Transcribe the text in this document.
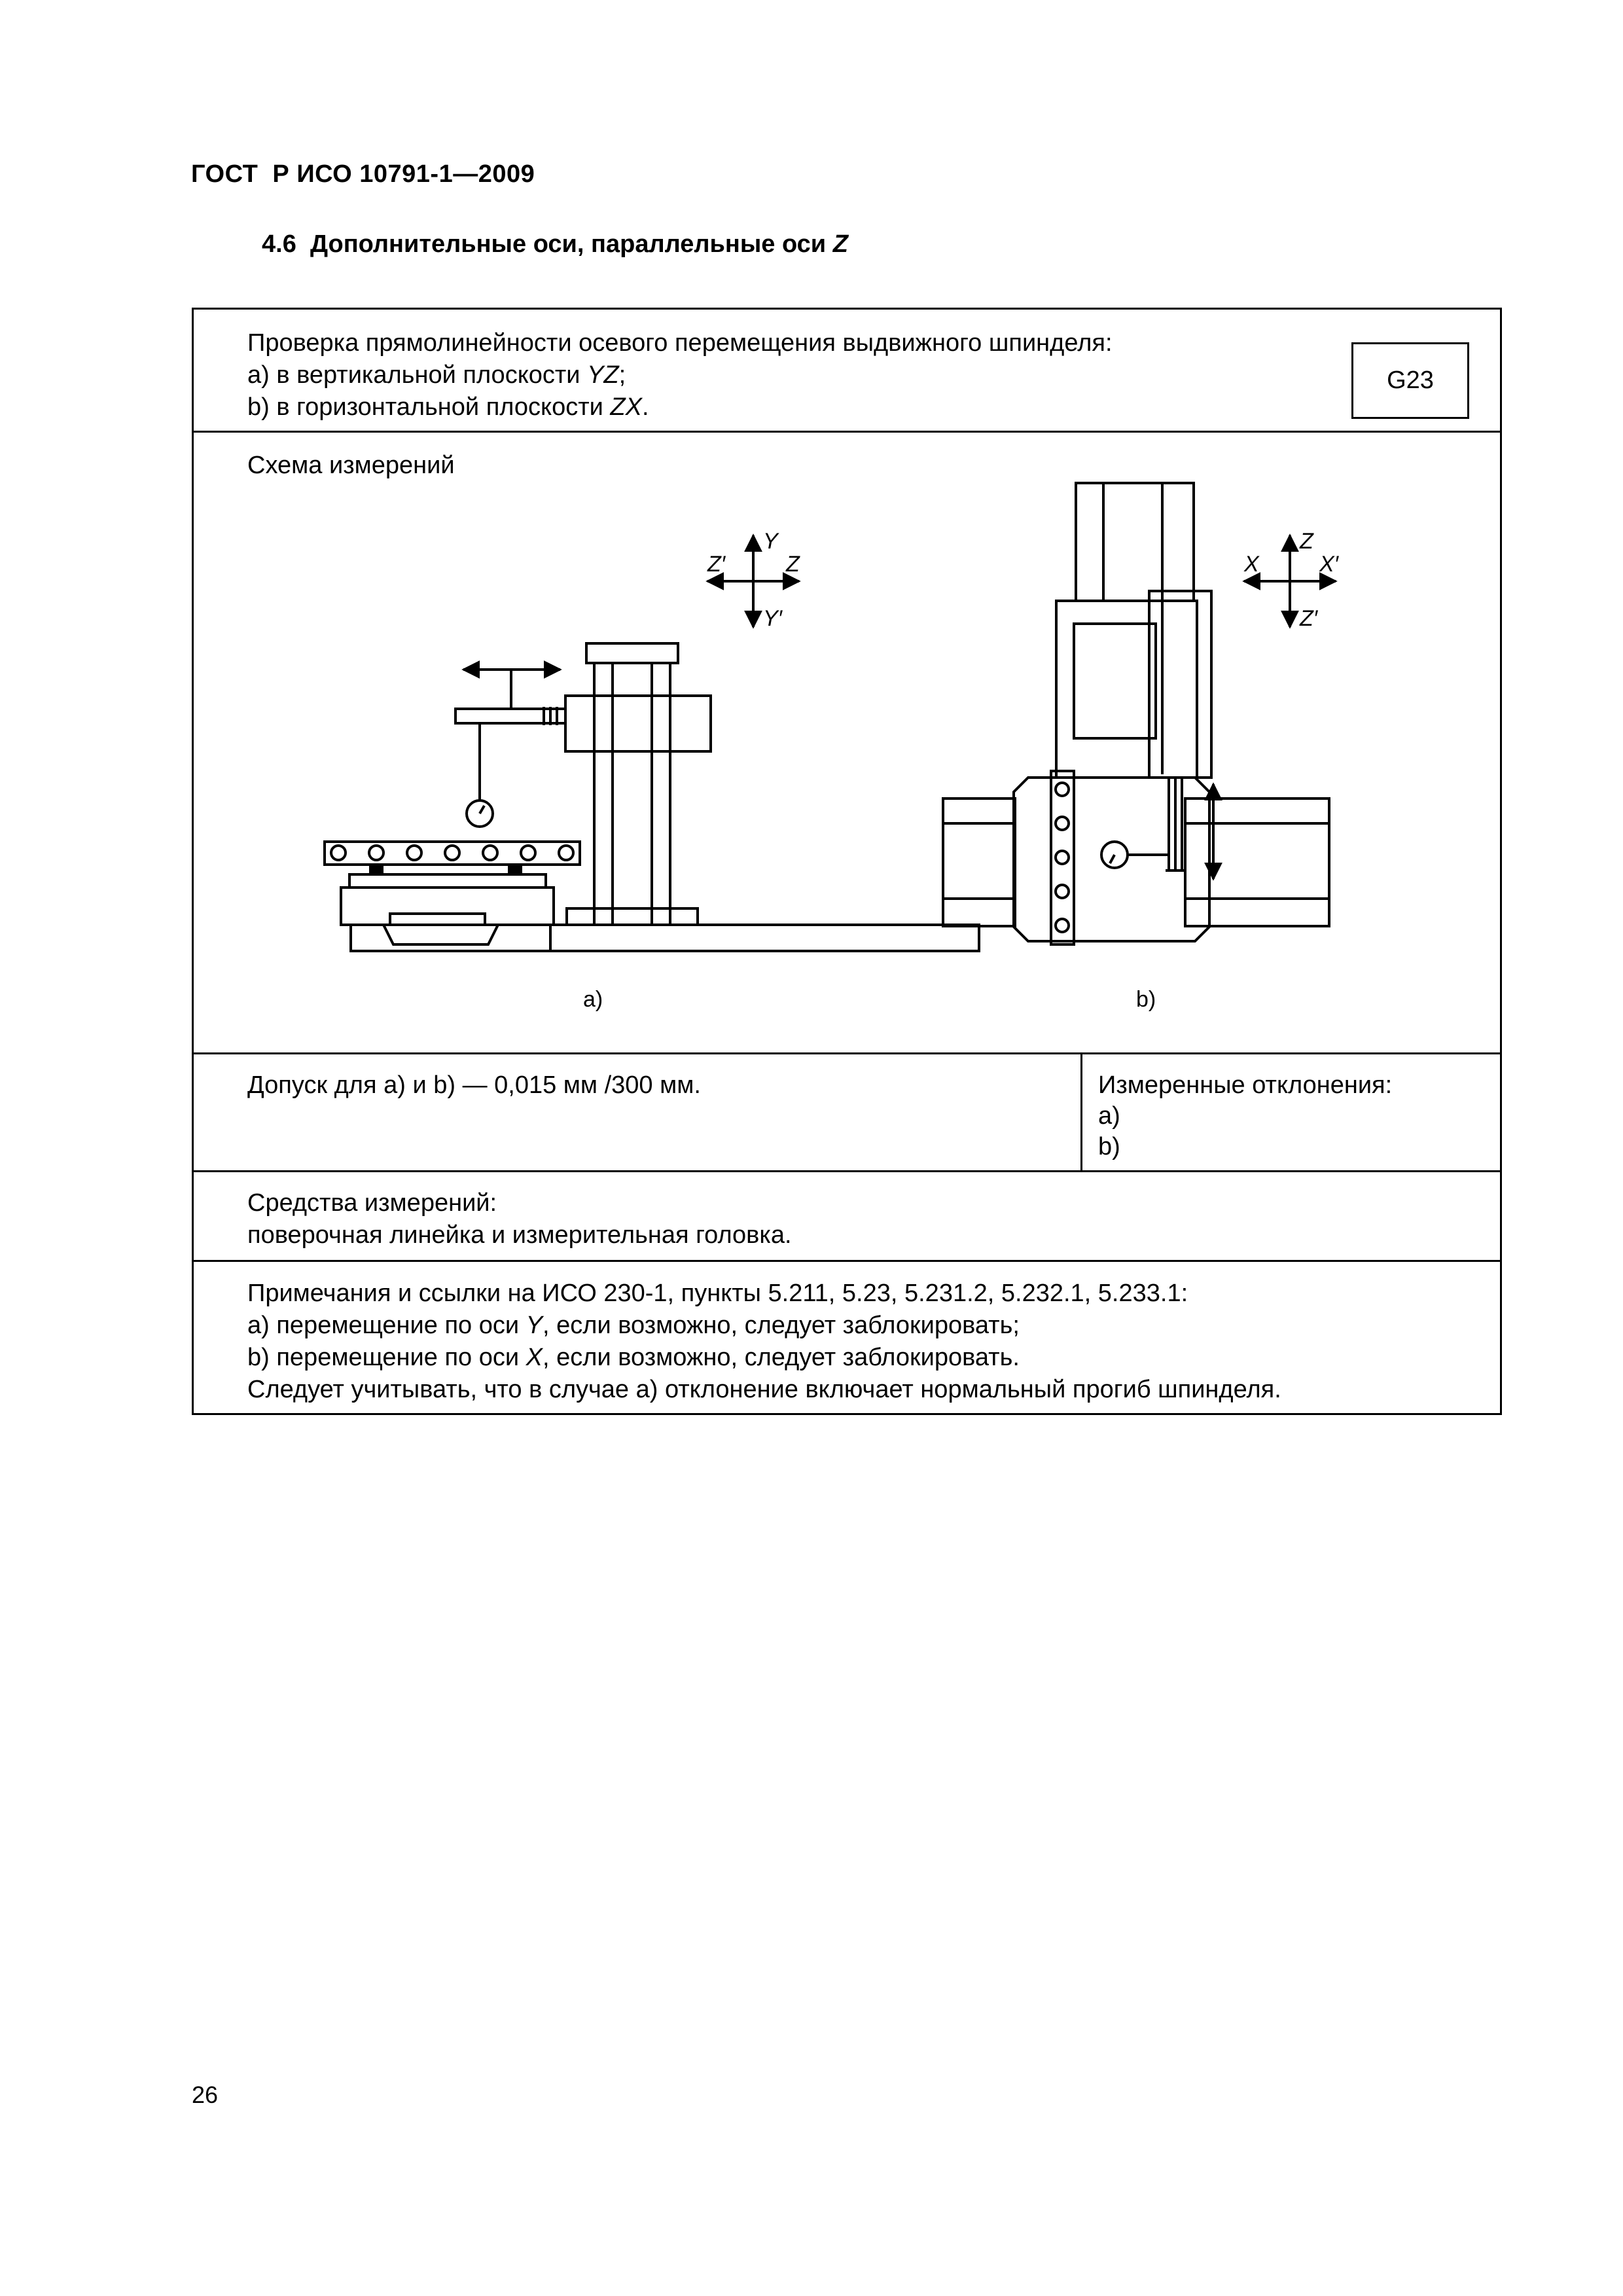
ГОСТ  Р ИСО 10791-1—2009
4.6  Дополнительные оси, параллельные оси Z
Проверка прямолинейности осевого перемещения выдвижного шпинделя:
a) в вертикальной плоскости YZ;
b) в горизонтальной плоскости ZX.
G23
Схема измерений
Y
Y′
Z′	Z
Z
Z′
X	X′
a)	b)
Допуск для a) и b) — 0,015 мм /300 мм.	Измеренные отклонения:
a)
b)
Средства измерений:
поверочная линейка и измерительная головка.
Примечания и ссылки на ИСО 230-1, пункты 5.211, 5.23, 5.231.2, 5.232.1, 5.233.1:
a) перемещение по оси Y, если возможно, следует заблокировать;
b) перемещение по оси X, если возможно, следует заблокировать.
Следует учитывать, что в случае a) отклонение включает нормальный прогиб шпинделя.
26
